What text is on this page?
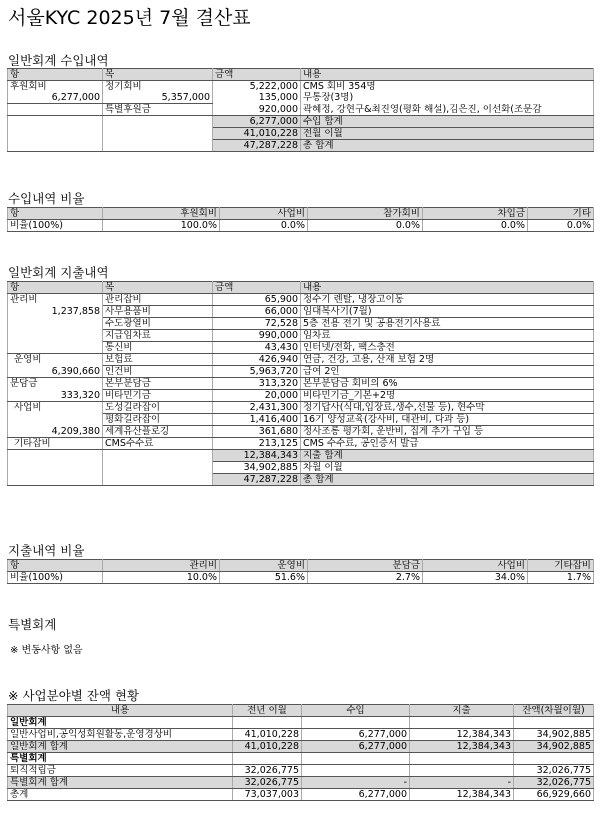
서울KYC 2025년 7월 결산표
일반회계 수입내역
항	목	금액	내용
후원회비	정기회비	5,222,000	CMS 회비 354명
6,277,000	5,357,000	135,000	무통장(3명)
	특별후원금	920,000	곽혜정, 강현구&최진영(평화 해설),김은진, 이선화(조문감
		6,277,000	수입 합계
		41,010,228	전월 이월
		47,287,228	총 합계
수입내역 비율
항	후원회비	사업비	참가회비	차입금	기타
비율(100%)	100.0%	0.0%	0.0%	0.0%	0.0%
일반회계 지출내역
항	목	금액	내용
관리비	관리잡비	65,900	정수기 렌탈, 냉장고이동
1,237,858	사무용품비	66,000	임대복사기(7월)
	수도광열비	72,528	5층 전용 전기 및 공용전기사용료
	지급임차료	990,000	임차료
	통신비	43,430	인터넷/전화, 팩스충전
운영비	보험료	426,940	연금, 건강, 고용, 산재 보험 2명
6,390,660	인건비	5,963,720	급여 2인
분담금	본부분담금	313,320	본부분담금 회비의 6%
333,320	비타민기금	20,000	비타민기금_기본+2명
사업비	도성길라잡이	2,431,300	정기답사(식대,입장료,생수,선물 등), 현수막
	평화길라잡이	1,416,400	16기 양성교육(강사비, 대관비, 다과 등)
4,209,380	세계유산플로깅	361,680	정사조롱 평가회, 운반비, 집게 추가 구입 등
기타잡비	CMS수수료	213,125	CMS 수수료, 공인증서 발급
		12,384,343	지출 합계
		34,902,885	차월 이월
		47,287,228	총 합계
지출내역 비율
항	관리비	운영비	분담금	사업비	기타잡비
비율(100%)	10.0%	51.6%	2.7%	34.0%	1.7%
특별회계
※ 변동사항 없음
※ 사업분야별 잔액 현황
내용	전년 이월	수입	지출	잔액(차월이월)
일반회계				
일반사업비,공익성회원활동,운영경상비	41,010,228	6,277,000	12,384,343	34,902,885
일반회계 합계	41,010,228	6,277,000	12,384,343	34,902,885
특별회계				
퇴직적립금	32,026,775			32,026,775
특별회계 합계	32,026,775	-	-	32,026,775
총계	73,037,003	6,277,000	12,384,343	66,929,660
